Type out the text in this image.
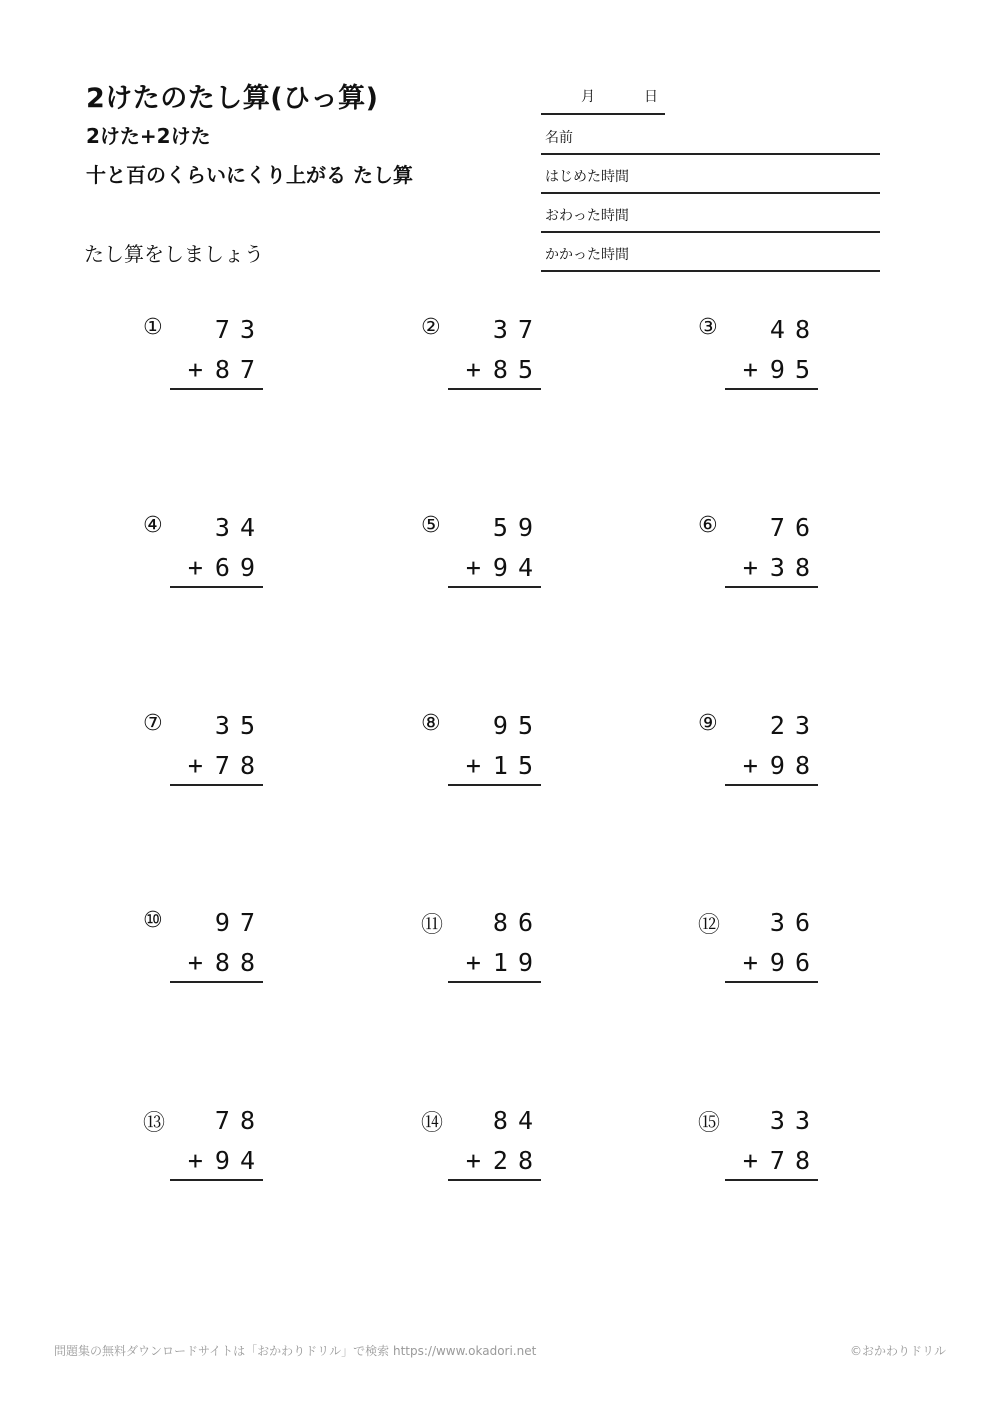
2けたのたし算(ひっ算)
2けた+2けた
十と百のくらいにくり上がる たし算
たし算をしましょう
月	日
名前
はじめた時間
おわった時間
かかった時間
① 73
+87
② 37
+85
③ 48
+95
④ 34
+69
⑤ 59
+94
⑥ 76
+38
⑦ 35
+78
⑧ 95
+15
⑨ 23
+98
⑩ 97
+88
⑪ 86
+19
⑫ 36
+96
⑬ 78
+94
⑭ 84
+28
⑮ 33
+78
問題集の無料ダウンロードサイトは「おかわりドリル」で検索 https://www.okadori.net	©おかわりドリル
